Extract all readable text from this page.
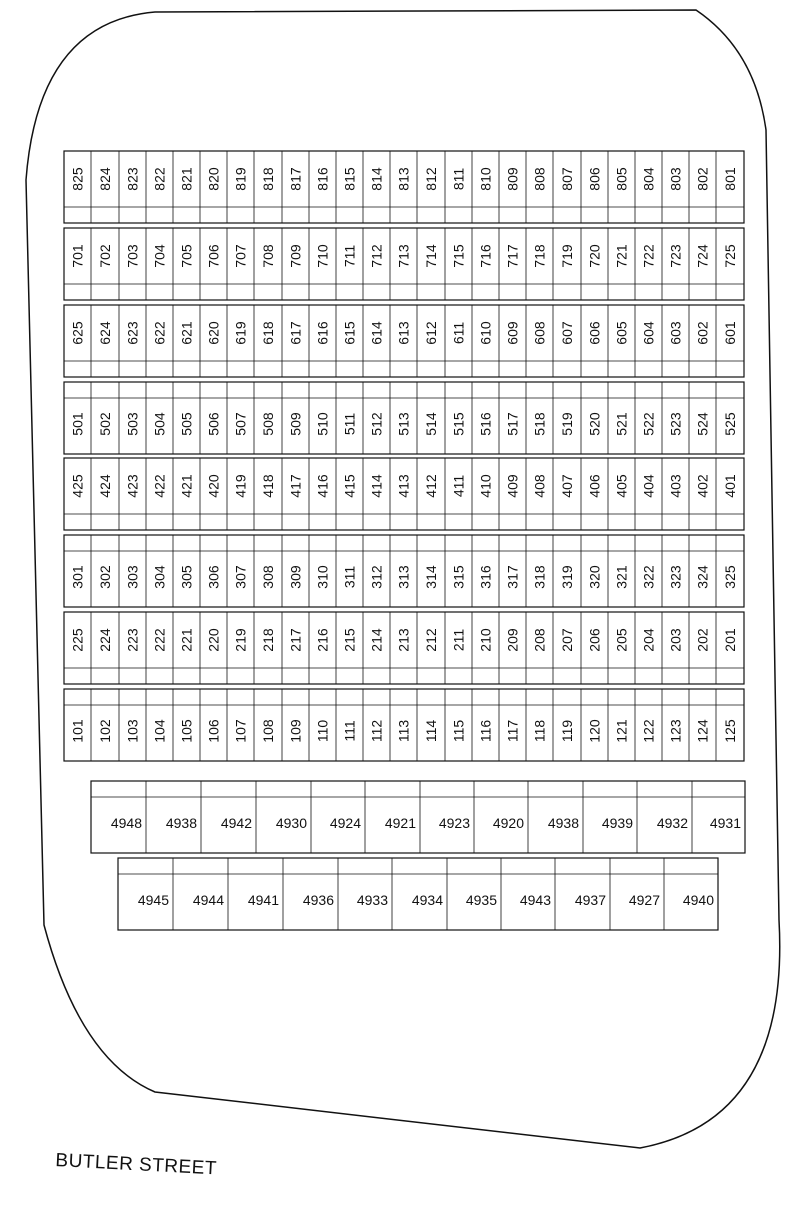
825 824 823 822 821 820 819 818 817 816 815 814 813 812 811 810 809 808 807 806 805 804 803 802 801
701 702 703 704 705 706 707 708 709 710 711 712 713 714 715 716 717 718 719 720 721 722 723 724 725
625 624 623 622 621 620 619 618 617 616 615 614 613 612 611 610 609 608 607 606 605 604 603 602 601
501 502 503 504 505 506 507 508 509 510 511 512 513 514 515 516 517 518 519 520 521 522 523 524 525
425 424 423 422 421 420 419 418 417 416 415 414 413 412 411 410 409 408 407 406 405 404 403 402 401
301 302 303 304 305 306 307 308 309 310 311 312 313 314 315 316 317 318 319 320 321 322 323 324 325
225 224 223 222 221 220 219 218 217 216 215 214 213 212 211 210 209 208 207 206 205 204 203 202 201
101 102 103 104 105 106 107 108 109 110 111 112 113 114 115 116 117 118 119 120 121 122 123 124 125
4948 4938 4942 4930 4924 4921 4923 4920 4938 4939 4932 4931
4945 4944 4941 4936 4933 4934 4935 4943 4937 4927 4940
BUTLER STREET
